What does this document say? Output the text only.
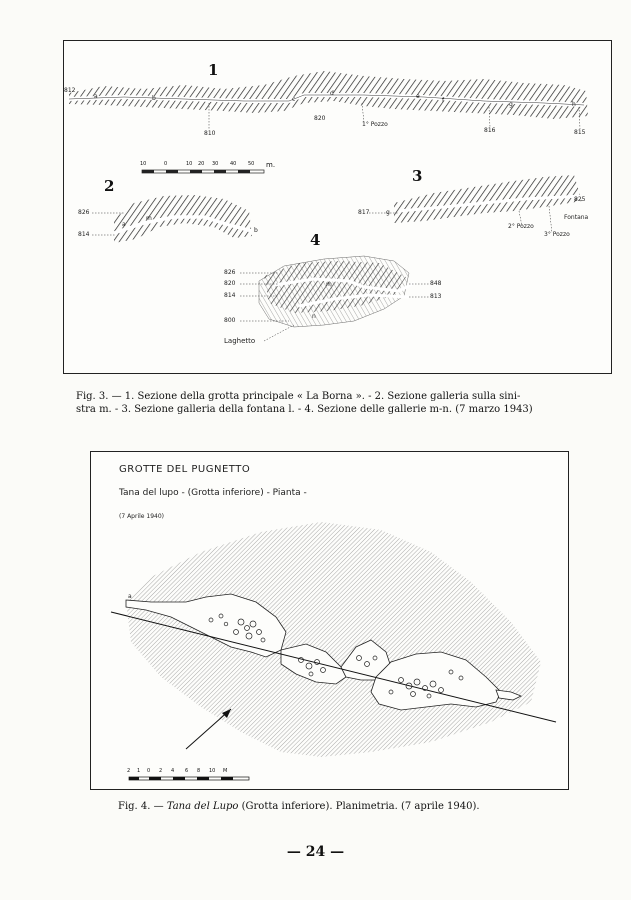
1
2
3
4
812
810
820
1° Pozzo
816	815
a	b	c
d	e
f
g	h
10	0	10 20 30 40 50 m.
826
814
m
a
b
817
825
Fontana
2° Pozzo
3° Pozzo
g
826
820
814
800
Laghetto
848
813
m
n
Fig. 3. — 1. Sezione della grotta principale « La Borna ». - 2. Sezione galleria sulla sini-
stra m. - 3. Sezione galleria della fontana l. - 4. Sezione delle gallerie m-n. (7 marzo 1943)
GROTTE DEL PUGNETTO
Tana del lupo - (Grotta inferiore) - Pianta -
(7 Aprile 1940)
a
2 1 0 2 4 6 8 10 M
Fig. 4. — Tana del Lupo (Grotta inferiore). Planimetria. (7 aprile 1940).
— 24 —
